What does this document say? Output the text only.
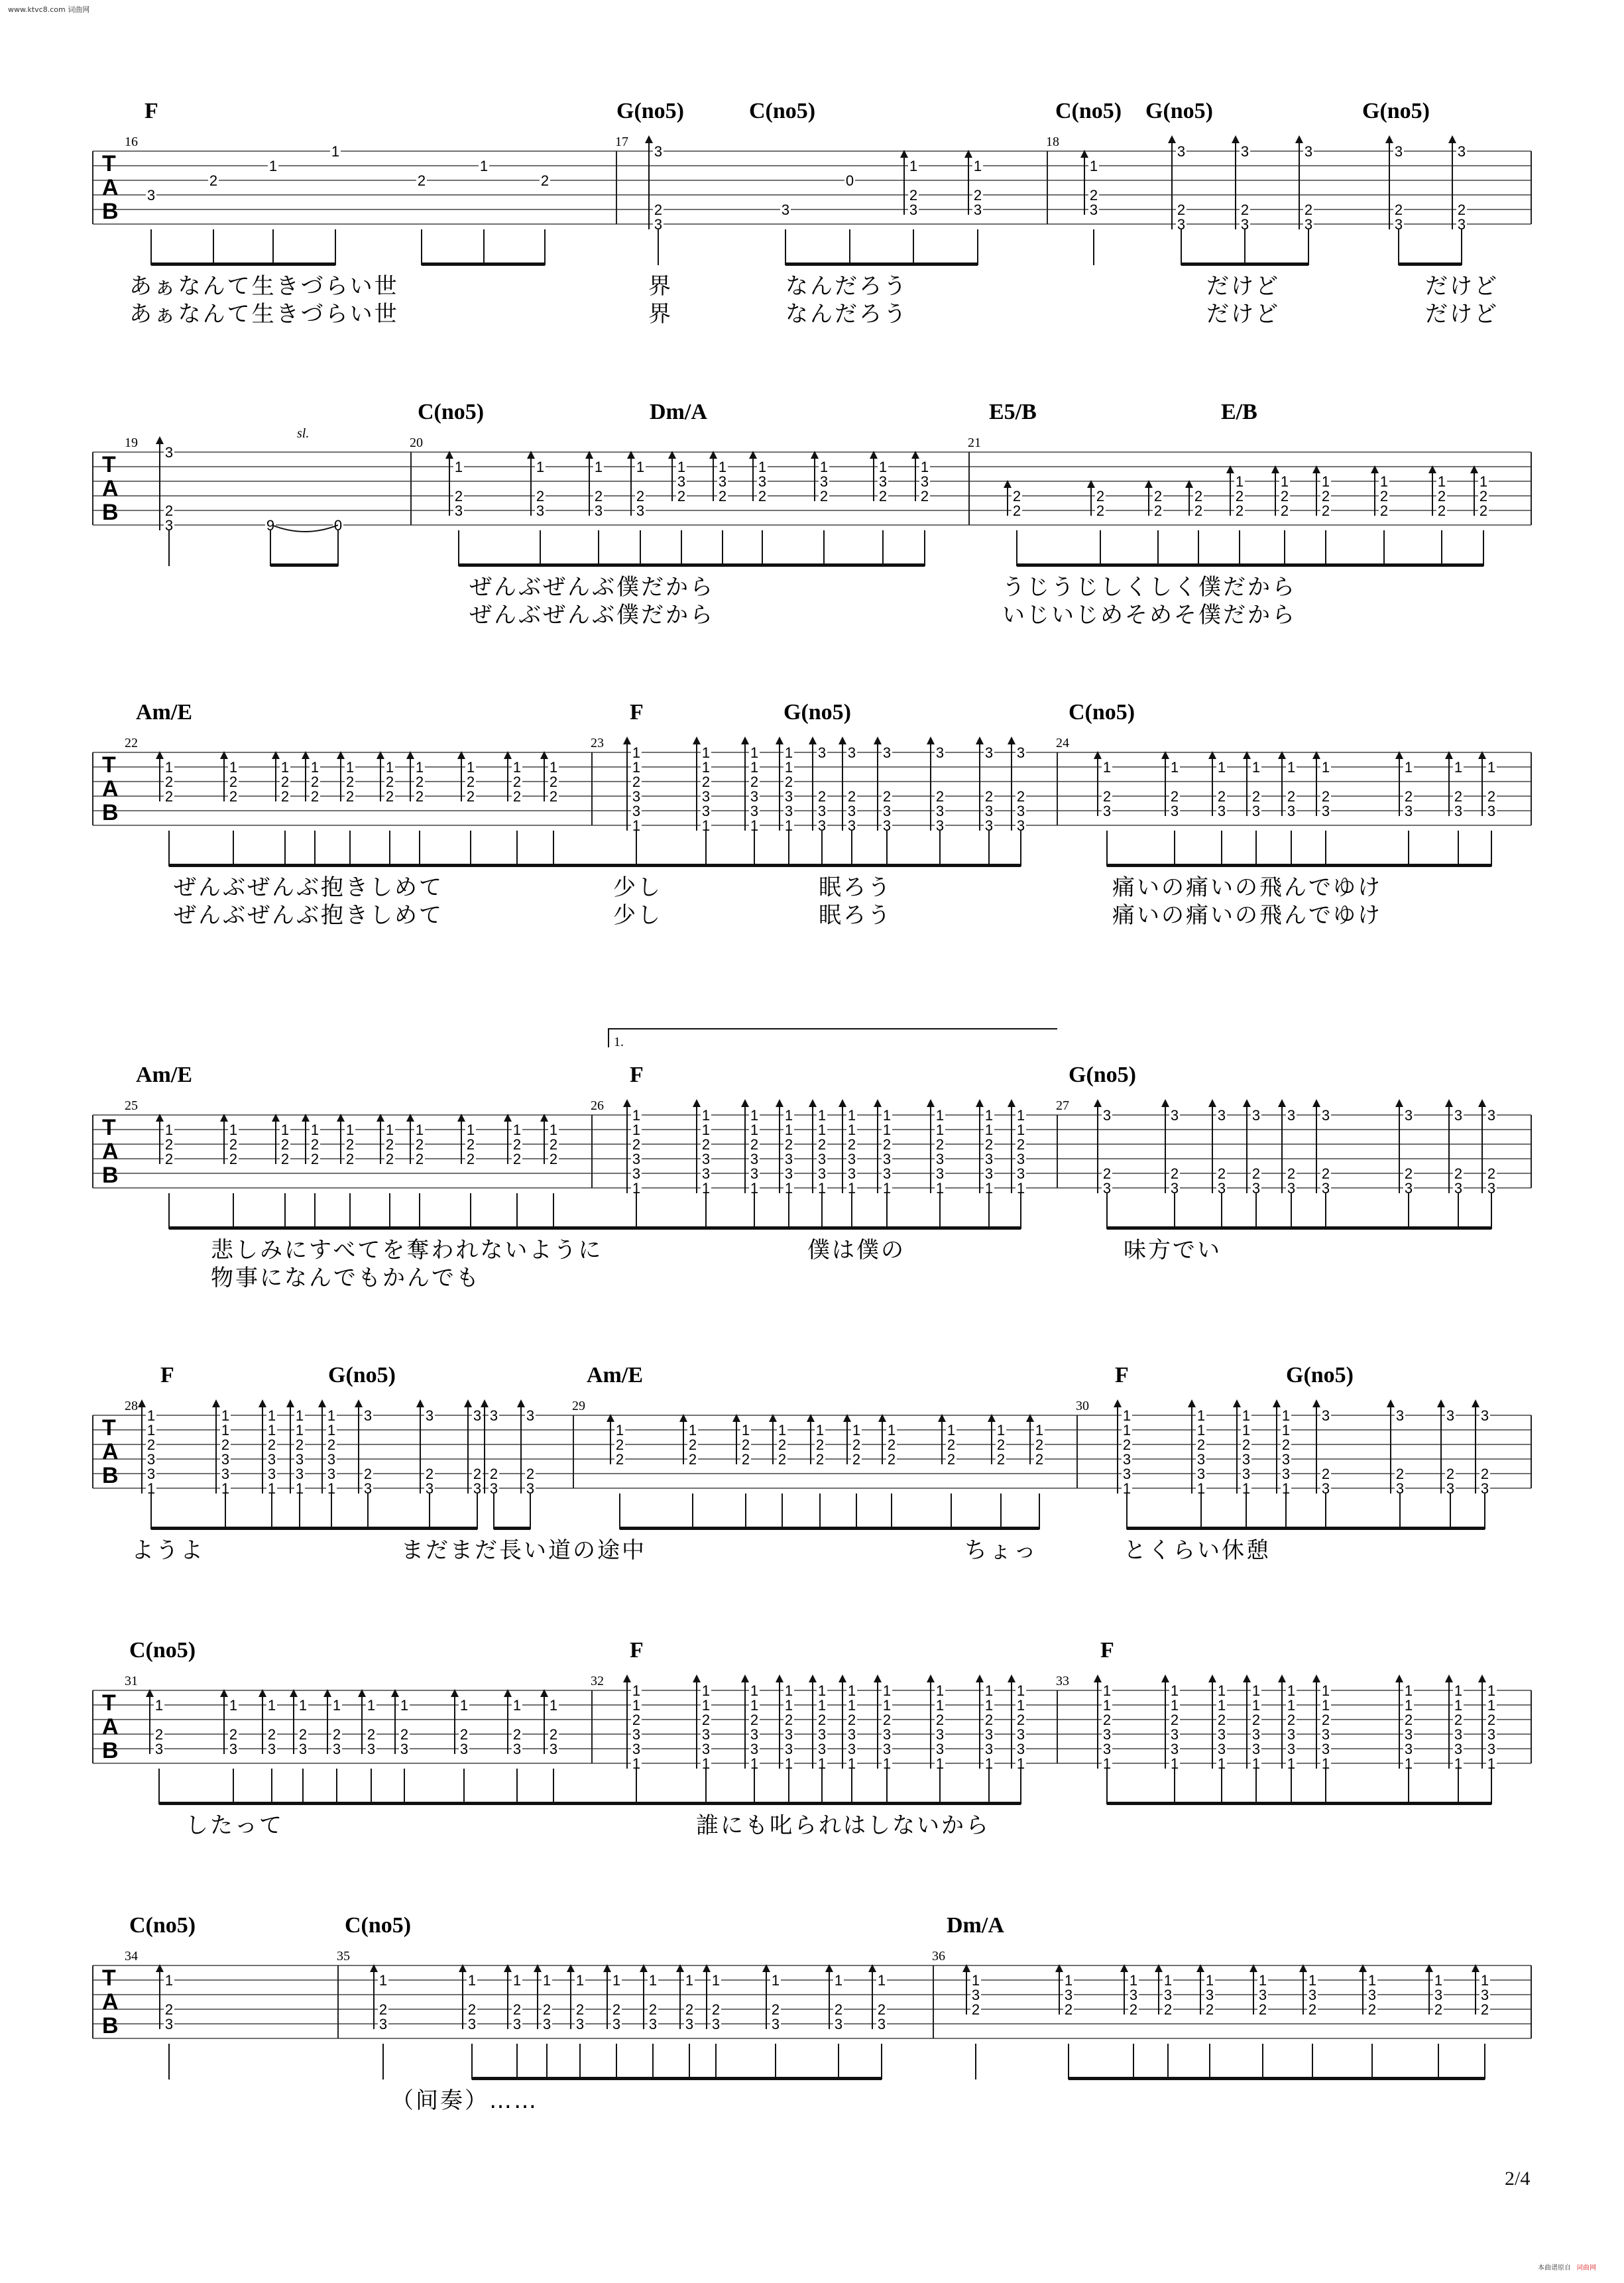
www.ktvc8.com 词曲网
T
A
B
16	17	18
F	G(no5)	C(no5)	C(no5) G(no5)	G(no5)
3
2
1
1
2
1
2
3
2
3
3
0
1
2
3
1
2
3
1
2
3
3
2
3
3
2
3
3
2
3
3
2
3
3
2
3
あぁなんて生きづらい世
あぁなんて生きづらい世
界
界
なんだろう
なんだろう
だけど
だけど
だけど
だけど
T
A
B
19	20	21
C(no5)	Dm/A	E5/B	E/B
3
2
3	9	0
1
2
3
1
2
3
1
2
3
1
2
3
1
3
2
1
3
2
1
3
2
1
3
2
1
3
2
1
3
2	2
2
2
2
2
2
2
2
1
2
2
1
2
2
1
2
2
1
2
2
1
2
2
1
2
2
ぜんぶぜんぶ僕だから
ぜんぶぜんぶ僕だから
うじうじしくしく僕だから
いじいじめそめそ僕だから
T
A
B
22	23	24
Am/E	F	G(no5)	C(no5)
1
2
2
1
2
2
1
2
2
1
2
2
1
2
2
1
2
2
1
2
2
1
2
2
1
2
2
1
2
2
1
1
2
3
3
1
1
1
2
3
3
1
1
1
2
3
3
1
1
1
2
3
3
1
3
2
3
3
3
2
3
3
3
2
3
3
3
2
3
3
3
2
3
3
3
2
3
3
1
2
3
1
2
3
1
2
3
1
2
3
1
2
3
1
2
3
1
2
3
1
2
3
1
2
3
ぜんぶぜんぶ抱きしめて
ぜんぶぜんぶ抱きしめて
少し
少し
眠ろう
眠ろう
痛いの痛いの飛んでゆけ
痛いの痛いの飛んでゆけ
T
A
B
25	26	27
Am/E	F	G(no5)
1
2
2
1
2
2
1
2
2
1
2
2
1
2
2
1
2
2
1
2
2
1
2
2
1
2
2
1
2
2
1
1
2
3
3
1
1
1
2
3
3
1
1
1
2
3
3
1
1
1
2
3
3
1
1
1
2
3
3
1
1
1
2
3
3
1
1
1
2
3
3
1
1
1
2
3
3
1
1
1
2
3
3
1
1
1
2
3
3
1
3
2
3
3
2
3
3
2
3
3
2
3
3
2
3
3
2
3
3
2
3
3
2
3
3
2
3
悲しみにすべてを奪われないように
物事になんでもかんでも
僕は僕の	味方でい
T
A
B
28	29	30
F	G(no5)	Am/E	F	G(no5)
1
1
2
3
3
1
1
1
2
3
3
1
1
1
2
3
3
1
1
1
2
3
3
1
1
1
2
3
3
1
3
2
3
3
2
3
3
2
3
3
2
3
3
2
3
1
2
2
1
2
2
1
2
2
1
2
2
1
2
2
1
2
2
1
2
2
1
2
2
1
2
2
1
2
2
1
1
2
3
3
1
1
1
2
3
3
1
1
1
2
3
3
1
1
1
2
3
3
1
3
2
3
3
2
3
3
2
3
3
2
3
ようよ	まだまだ長い道の途中	ちょっ	とくらい休憩
T
A
B
31	32	33
C(no5)	F	F
1
2
3
1
2
3
1
2
3
1
2
3
1
2
3
1
2
3
1
2
3
1
2
3
1
2
3
1
2
3
1
1
2
3
3
1
1
1
2
3
3
1
1
1
2
3
3
1
1
1
2
3
3
1
1
1
2
3
3
1
1
1
2
3
3
1
1
1
2
3
3
1
1
1
2
3
3
1
1
1
2
3
3
1
1
1
2
3
3
1
1
1
2
3
3
1
1
1
2
3
3
1
1
1
2
3
3
1
1
1
2
3
3
1
1
1
2
3
3
1
1
1
2
3
3
1
1
1
2
3
3
1
1
1
2
3
3
1
1
1
2
3
3
1
したって	誰にも叱られはしないから
T
A
B
34	35	36
C(no5)	C(no5)	Dm/A
1
2
3
1
2
3
1
2
3
1
2
3
1
2
3
1
2
3
1
2
3
1
2
3
1
2
3
1
2
3
1
2
3
1
2
3
1
2
3
1
3
2
1
3
2
1
3
2
1
3
2
1
3
2
1
3
2
1
3
2
1
3
2
1
3
2
1
3
2
（间奏）……
sl.
1.
2/4
本曲谱原自 词曲网
